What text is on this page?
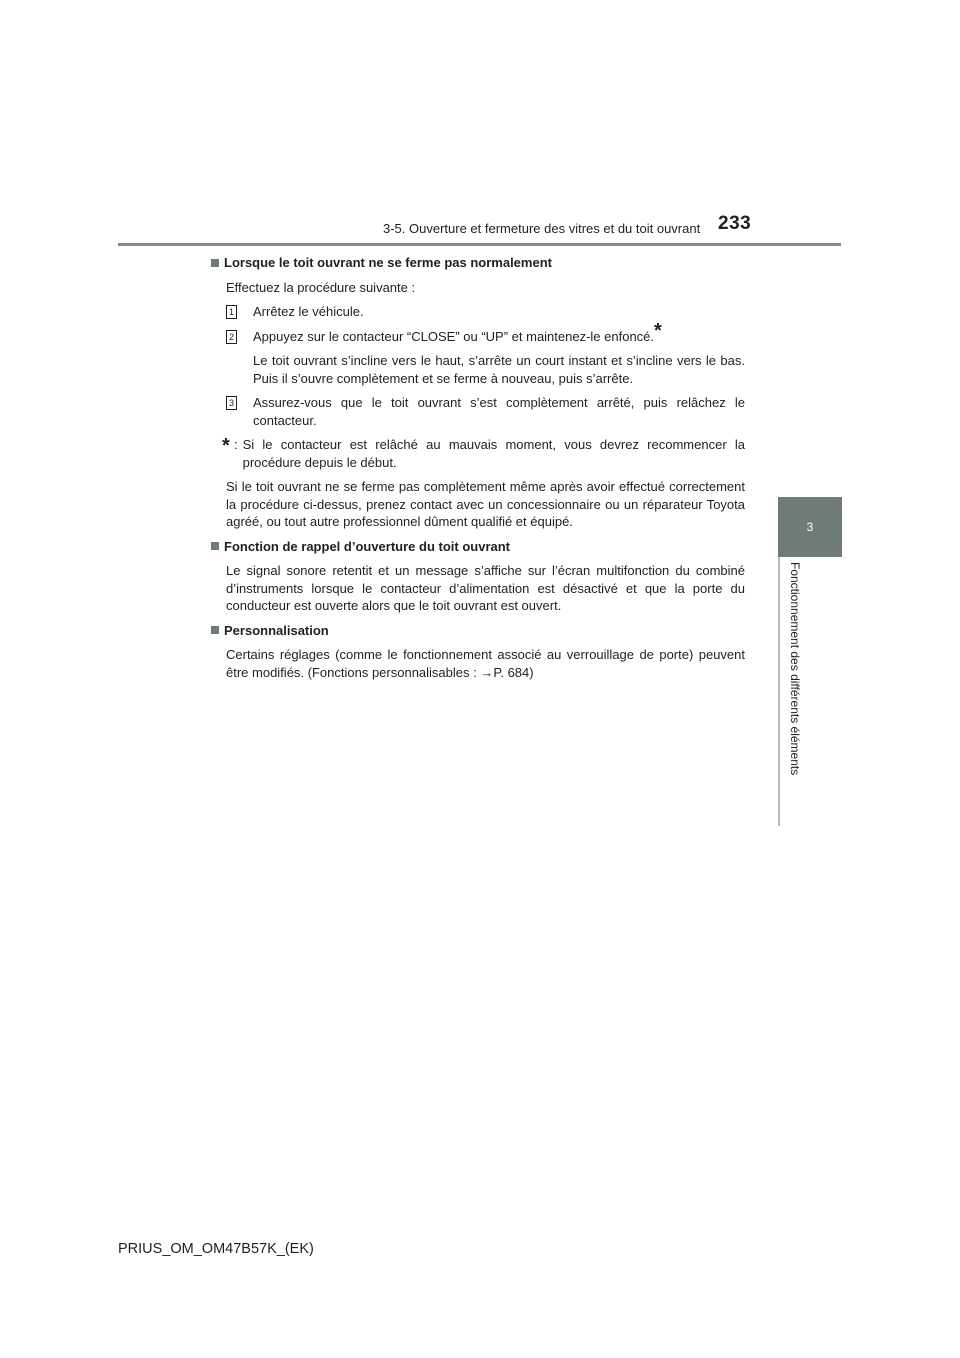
3-5. Ouverture et fermeture des vitres et du toit ouvrant 233
3
Fonctionnement des différents éléments
Lorsque le toit ouvrant ne se ferme pas normalement
Effectuez la procédure suivante :
1 Arrêtez le véhicule.
2 Appuyez sur le contacteur “CLOSE” ou “UP” et maintenez-le enfoncé.*
Le toit ouvrant s’incline vers le haut, s’arrête un court instant et s’incline vers le bas. Puis il s’ouvre complètement et se ferme à nouveau, puis s’arrête.
3 Assurez-vous que le toit ouvrant s’est complètement arrêté, puis relâchez le contacteur.
* : Si le contacteur est relâché au mauvais moment, vous devrez recommencer la procédure depuis le début.
Si le toit ouvrant ne se ferme pas complètement même après avoir effectué correctement la procédure ci-dessus, prenez contact avec un concessionnaire ou un réparateur Toyota agréé, ou tout autre professionnel dûment qualifié et équipé.
Fonction de rappel d’ouverture du toit ouvrant
Le signal sonore retentit et un message s’affiche sur l’écran multifonction du combiné d’instruments lorsque le contacteur d’alimentation est désactivé et que la porte du conducteur est ouverte alors que le toit ouvrant est ouvert.
Personnalisation
Certains réglages (comme le fonctionnement associé au verrouillage de porte) peuvent être modifiés. (Fonctions personnalisables : →P. 684)
PRIUS_OM_OM47B57K_(EK)
